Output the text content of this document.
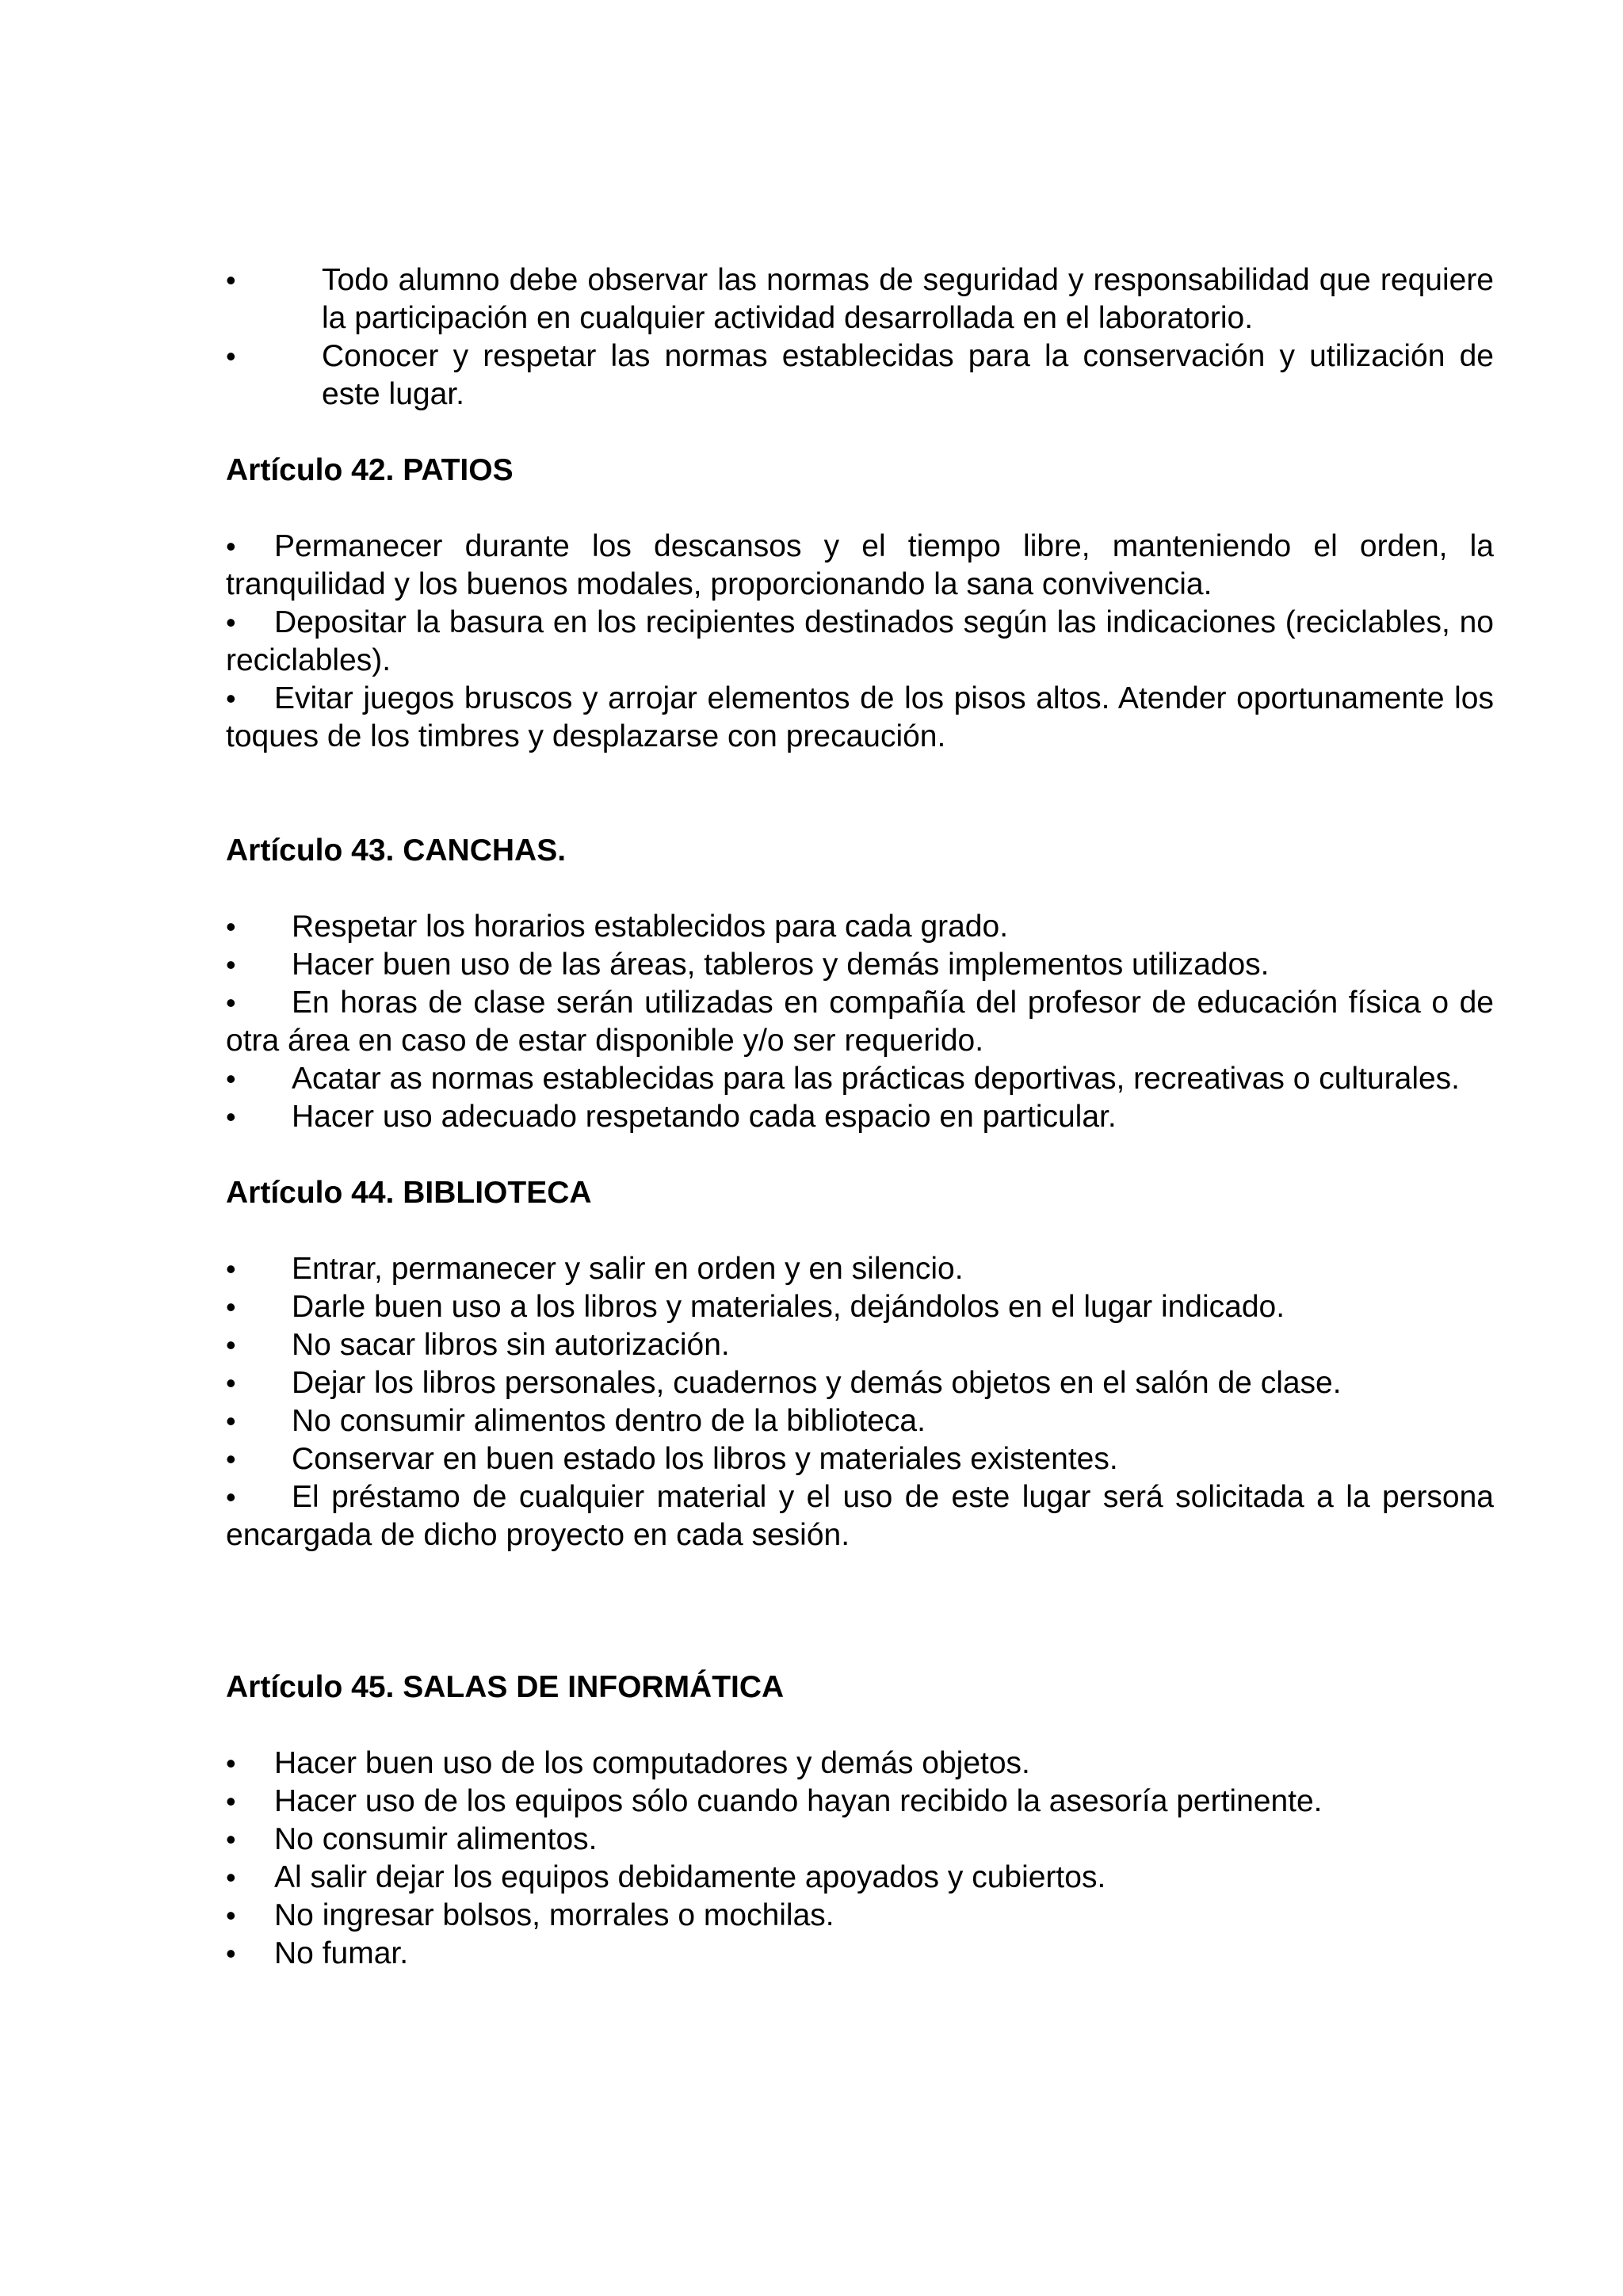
•	Todo alumno debe observar las normas de seguridad y responsabilidad que requiere la participación en cualquier actividad desarrollada en el laboratorio.
•	Conocer y respetar las normas establecidas para la conservación y utilización de este lugar.

Artículo 42. PATIOS

• Permanecer durante los descansos y el tiempo libre, manteniendo el orden, la tranquilidad y los buenos modales, proporcionando la sana convivencia.
• Depositar la basura en los recipientes destinados según las indicaciones (reciclables, no reciclables).
• Evitar juegos bruscos y arrojar elementos de los pisos altos. Atender oportunamente los toques de los timbres y desplazarse con precaución.

Artículo 43. CANCHAS.

• Respetar los horarios establecidos para cada grado.
• Hacer buen uso de las áreas, tableros y demás implementos utilizados.
• En horas de clase serán utilizadas en compañía del profesor de educación física o de otra área en caso de estar disponible y/o ser requerido.
• Acatar as normas establecidas para las prácticas deportivas, recreativas o culturales.
• Hacer uso adecuado respetando cada espacio en particular.

Artículo 44. BIBLIOTECA

• Entrar, permanecer y salir en orden y en silencio.
• Darle buen uso a los libros y materiales, dejándolos en el lugar indicado.
• No sacar libros sin autorización.
• Dejar los libros personales, cuadernos y demás objetos en el salón de clase.
• No consumir alimentos dentro de la biblioteca.
• Conservar en buen estado los libros y materiales existentes.
• El préstamo de cualquier material y el uso de este lugar será solicitada a la persona encargada de dicho proyecto en cada sesión.

Artículo 45. SALAS DE INFORMÁTICA

• Hacer buen uso de los computadores y demás objetos.
• Hacer uso de los equipos sólo cuando hayan recibido la asesoría pertinente.
• No consumir alimentos.
• Al salir dejar los equipos debidamente apoyados y cubiertos.
• No ingresar bolsos, morrales o mochilas.
• No fumar.
